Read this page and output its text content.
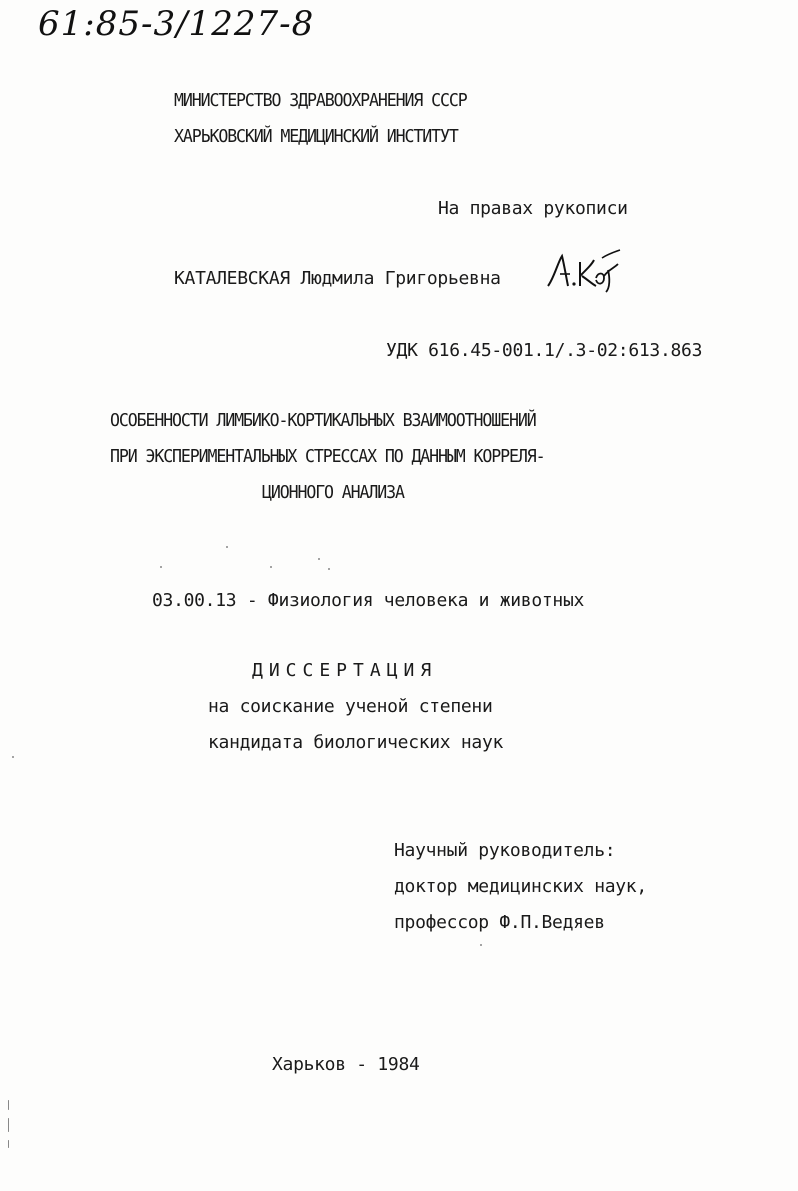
61:85-3/1227-8
МИНИСТЕРСТВО ЗДРАВООХРАНЕНИЯ СССР
ХАРЬКОВСКИЙ МЕДИЦИНСКИЙ ИНСТИТУТ
На правах рукописи
КАТАЛЕВСКАЯ Людмила Григорьевна
УДК 616.45-001.1/.3-02:613.863
ОСОБЕННОСТИ ЛИМБИКО-КОРТИКАЛЬНЫХ ВЗАИМООТНОШЕНИЙ
ПРИ ЭКСПЕРИМЕНТАЛЬНЫХ СТРЕССАХ ПО ДАННЫМ КОРРЕЛЯ-
ЦИОННОГО АНАЛИЗА
03.00.13 - Физиология человека и животных
ДИССЕРТАЦИЯ
на соискание ученой степени
кандидата биологических наук
Научный руководитель:
доктор медицинских наук,
профессор Ф.П.Ведяев
Харьков - 1984
